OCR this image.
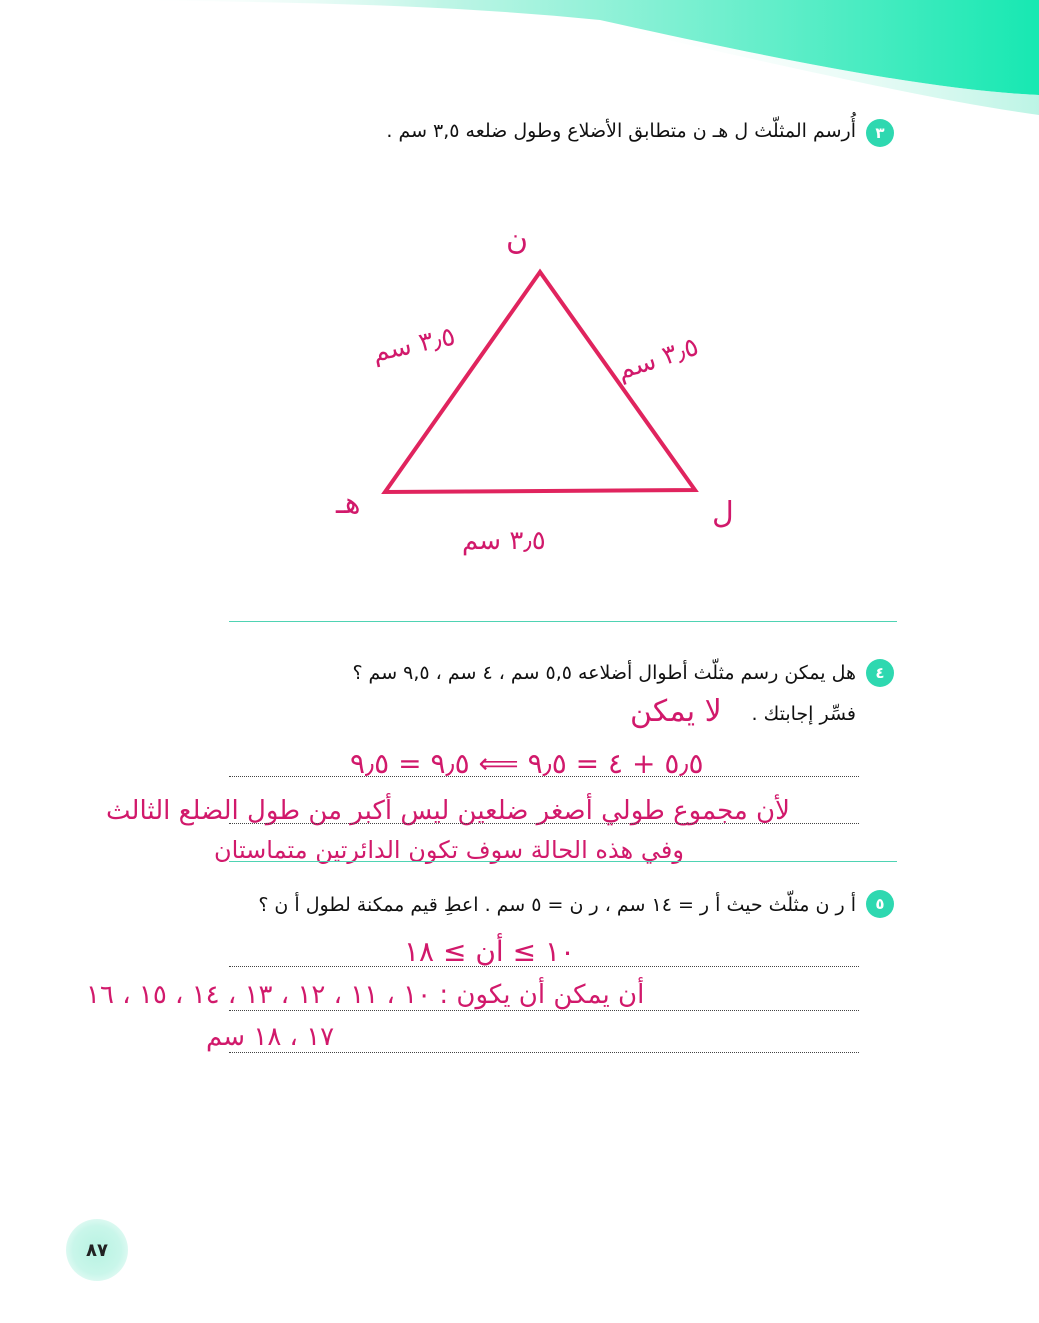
٣
أُرسم المثلّث ل هـ ن متطابق الأضلاع وطول ضلعه ٣,٥ سم .
ن
هـ	ل
٣٫٥ سم
٣٫٥ سم
٣٫٥ سم
٤
هل يمكن رسم مثلّث أطوال أضلاعه ٥,٥ سم ، ٤ سم ، ٩,٥ سم ؟
فسِّر إجابتك .
لا يمكن
٥٫٥ + ٤ = ٩٫٥ ⟸ ٩٫٥ = ٩٫٥
لأن مجموع طولي أصغر ضلعين ليس أكبر من طول الضلع الثالث
وفي هذه الحالة سوف تكون الدائرتين متماستان
٥
أ ر ن مثلّث حيث أ ر = ١٤ سم ، ر ن = ٥ سم . اعطِ قيم ممكنة لطول أ ن ؟
١٠ ≥ أن ≥ ١٨
أن يمكن أن يكون : ١٠ ، ١١ ، ١٢ ، ١٣ ، ١٤ ، ١٥ ، ١٦
١٧ ، ١٨ سم
٨٧
